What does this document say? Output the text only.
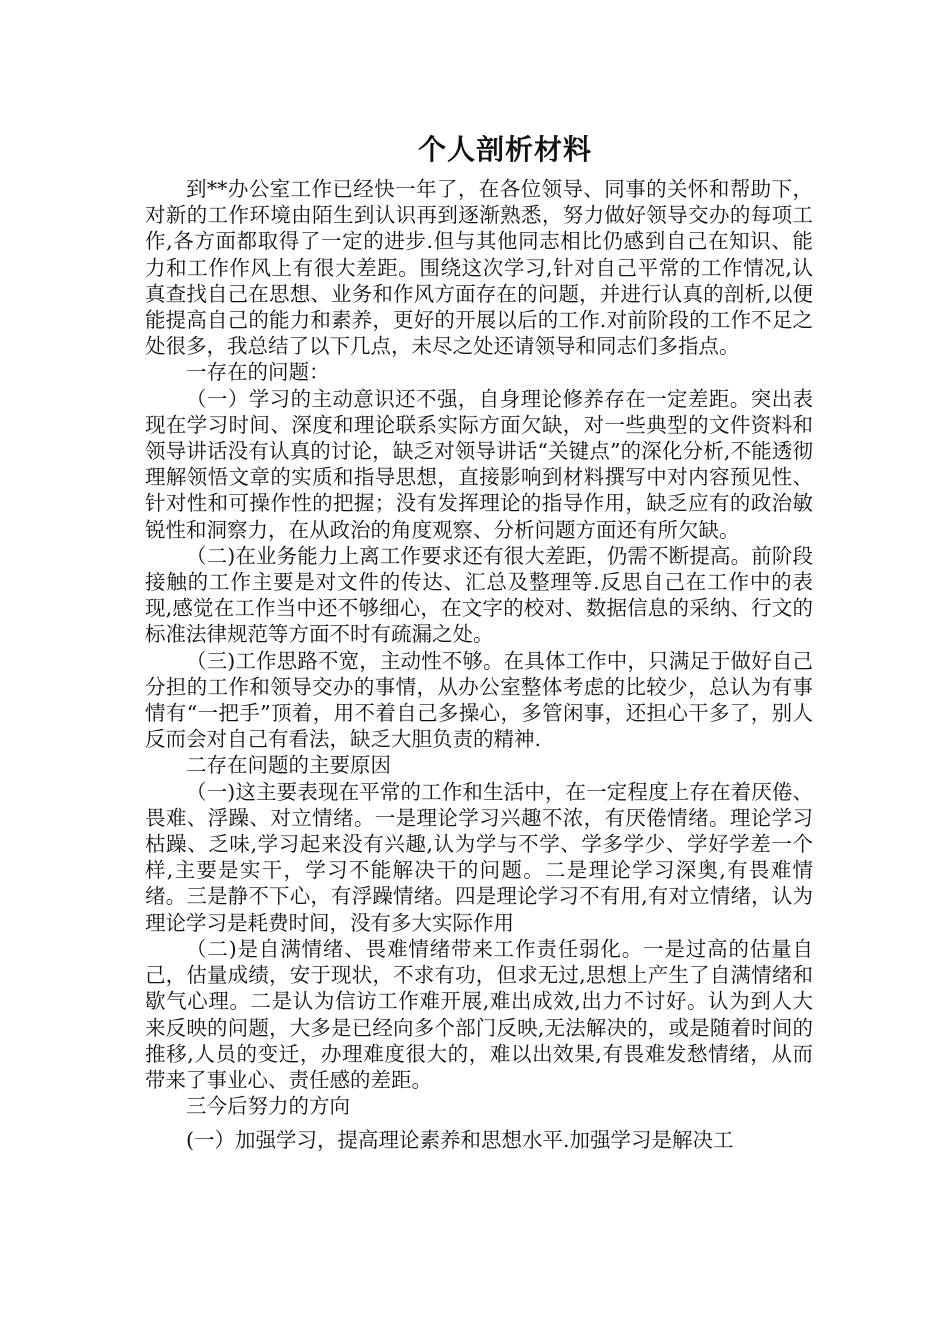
个人剖析材料

到**办公室工作已经快一年了，在各位领导、同事的关怀和帮助下，对新的工作环境由陌生到认识再到逐渐熟悉，努力做好领导交办的每项工作,各方面都取得了一定的进步.但与其他同志相比仍感到自己在知识、能力和工作作风上有很大差距。围绕这次学习,针对自己平常的工作情况,认真查找自己在思想、业务和作风方面存在的问题，并进行认真的剖析,以便能提高自己的能力和素养，更好的开展以后的工作.对前阶段的工作不足之处很多，我总结了以下几点，未尽之处还请领导和同志们多指点。

一存在的问题：

（一）学习的主动意识还不强，自身理论修养存在一定差距。突出表现在学习时间、深度和理论联系实际方面欠缺，对一些典型的文件资料和领导讲话没有认真的讨论，缺乏对领导讲话“关键点”的深化分析,不能透彻理解领悟文章的实质和指导思想，直接影响到材料撰写中对内容预见性、针对性和可操作性的把握；没有发挥理论的指导作用，缺乏应有的政治敏锐性和洞察力，在从政治的角度观察、分析问题方面还有所欠缺。

（二)在业务能力上离工作要求还有很大差距，仍需不断提高。前阶段接触的工作主要是对文件的传达、汇总及整理等.反思自己在工作中的表现,感觉在工作当中还不够细心，在文字的校对、数据信息的采纳、行文的标准法律规范等方面不时有疏漏之处。

（三)工作思路不宽，主动性不够。在具体工作中，只满足于做好自己分担的工作和领导交办的事情，从办公室整体考虑的比较少，总认为有事情有“一把手”顶着，用不着自己多操心，多管闲事，还担心干多了，别人反而会对自己有看法，缺乏大胆负责的精神.

二存在问题的主要原因

（一)这主要表现在平常的工作和生活中，在一定程度上存在着厌倦、畏难、浮躁、对立情绪。一是理论学习兴趣不浓，有厌倦情绪。理论学习枯躁、乏味,学习起来没有兴趣,认为学与不学、学多学少、学好学差一个样,主要是实干，学习不能解决干的问题。二是理论学习深奥,有畏难情绪。三是静不下心，有浮躁情绪。四是理论学习不有用,有对立情绪，认为理论学习是耗费时间，没有多大实际作用

（二)是自满情绪、畏难情绪带来工作责任弱化。一是过高的估量自己，估量成绩，安于现状，不求有功，但求无过,思想上产生了自满情绪和歇气心理。二是认为信访工作难开展,难出成效,出力不讨好。认为到人大来反映的问题，大多是已经向多个部门反映,无法解决的，或是随着时间的推移,人员的变迁，办理难度很大的，难以出效果,有畏难发愁情绪，从而带来了事业心、责任感的差距。

三今后努力的方向

(一）加强学习，提高理论素养和思想水平.加强学习是解决工
